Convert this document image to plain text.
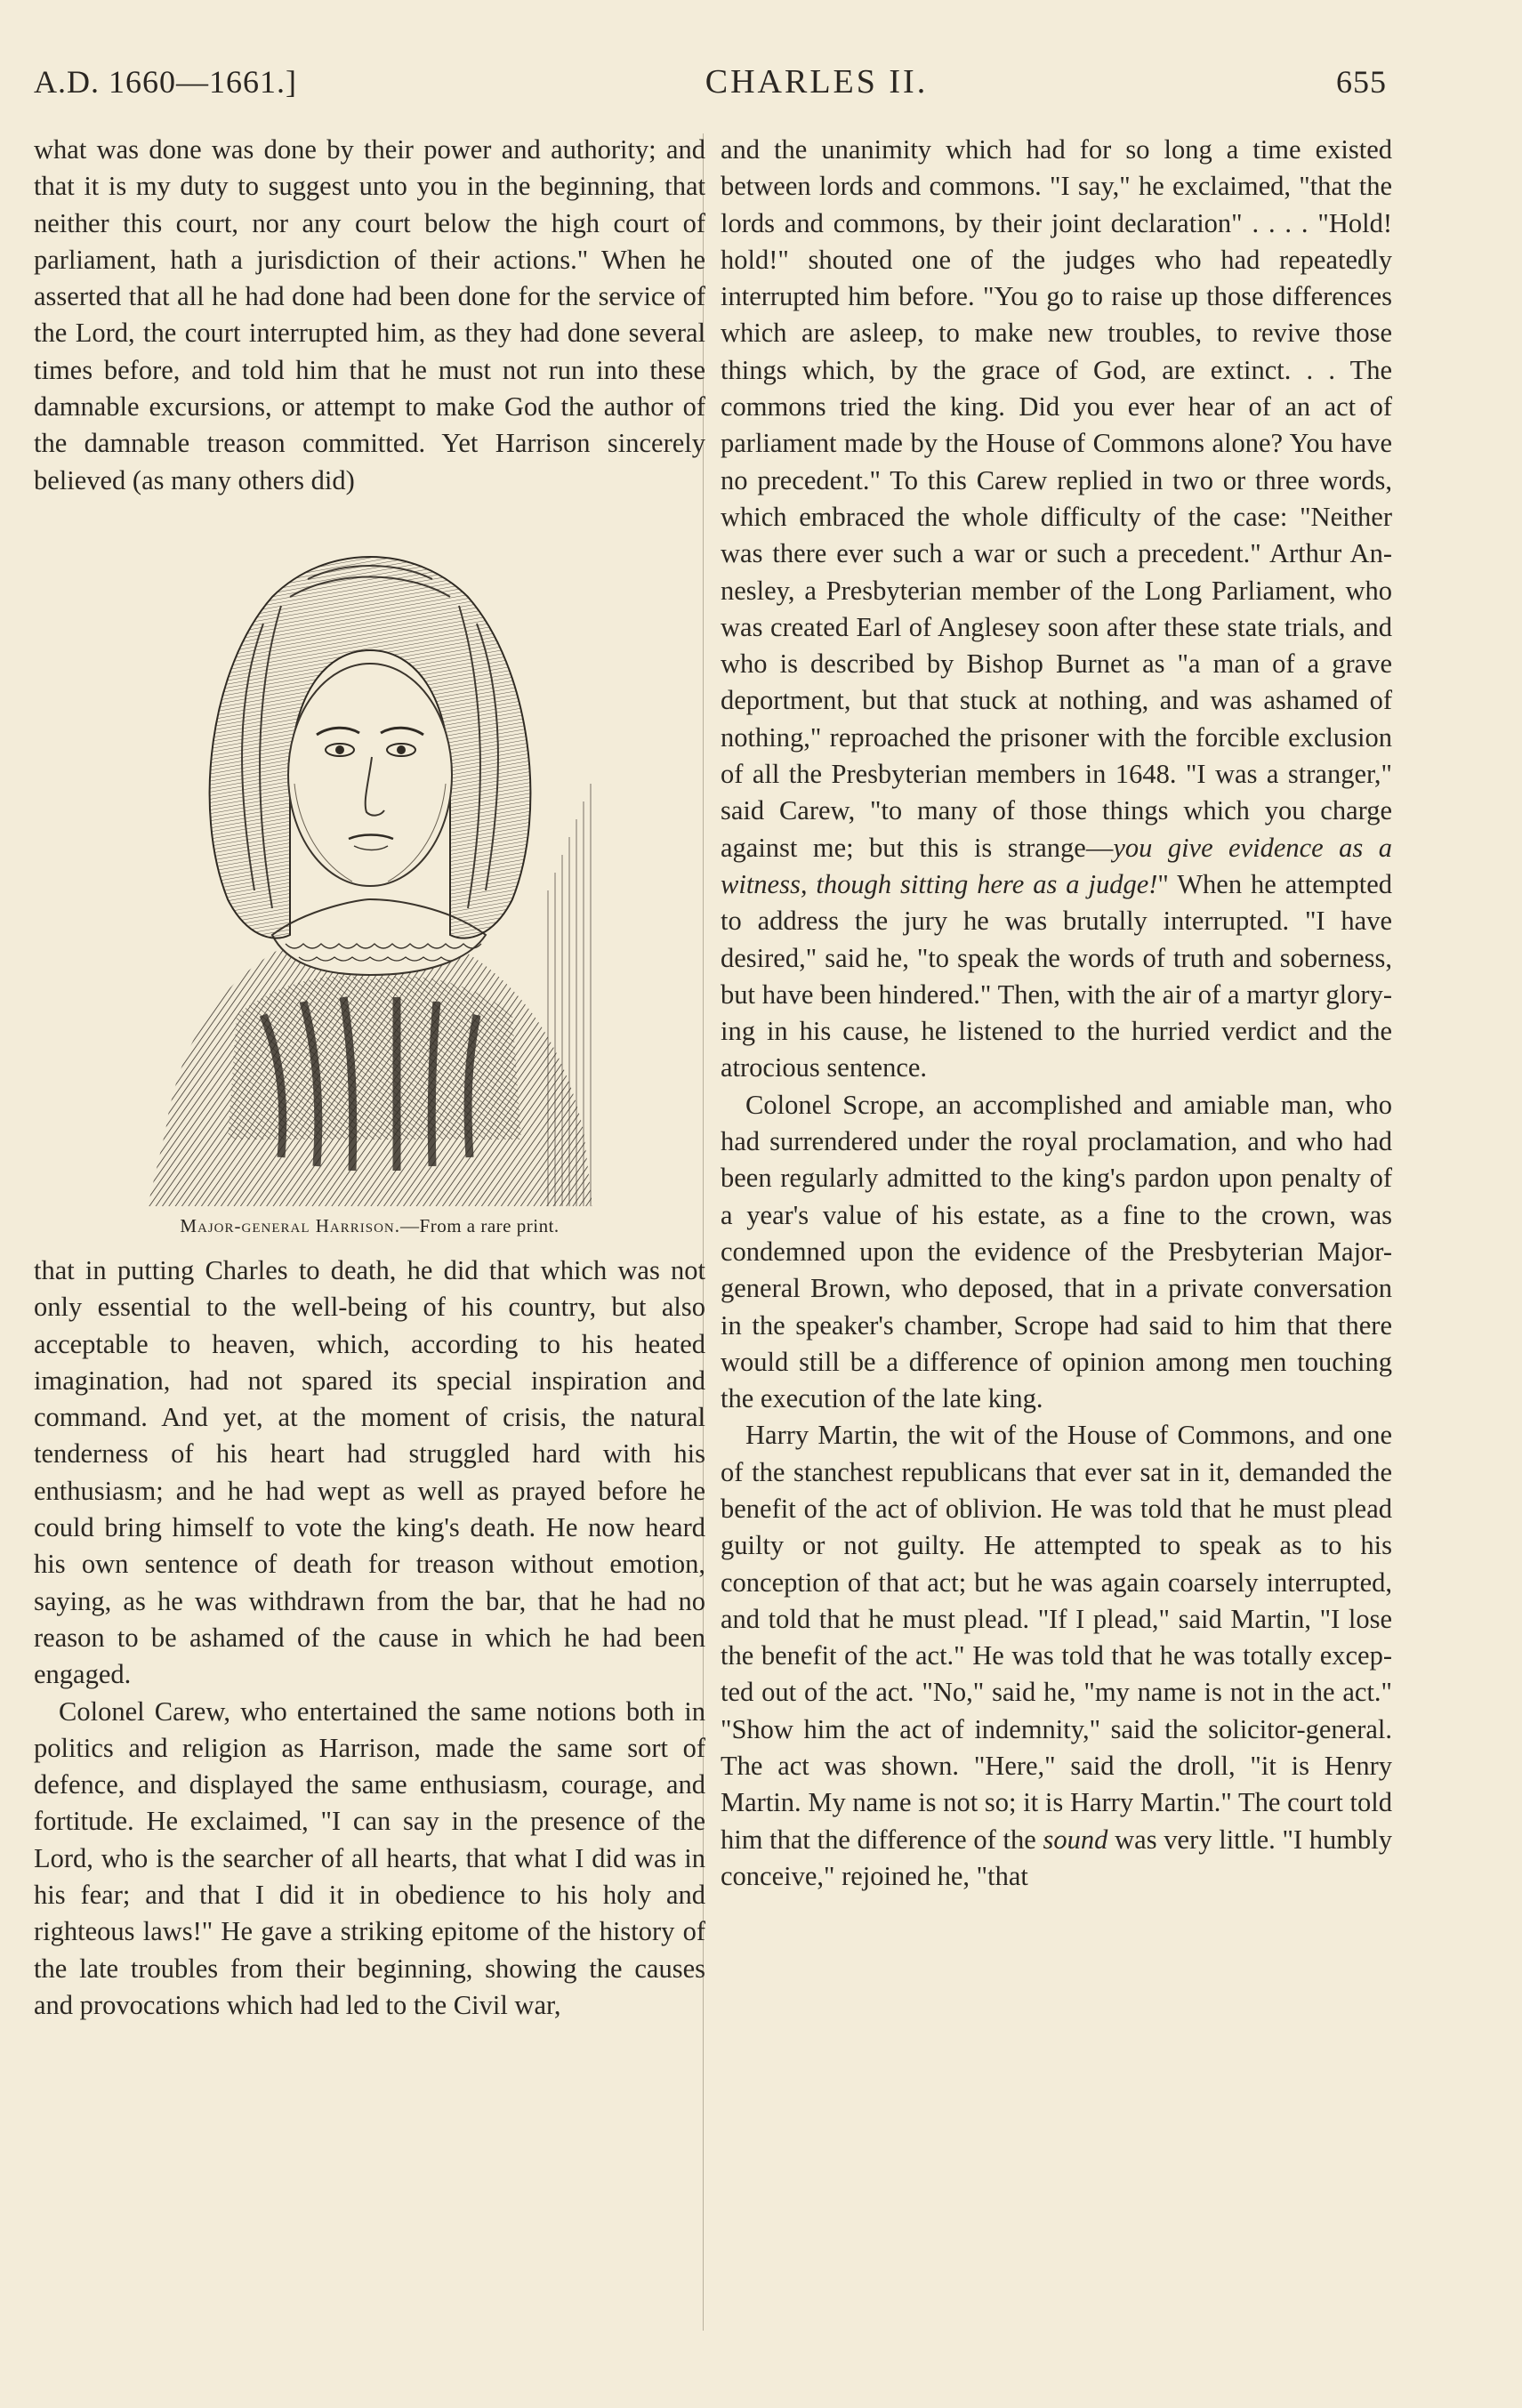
A.D. 1660—1661.]	CHARLES II.	655

what was done was done by their power and authority; and that it is my duty to suggest unto you in the beginning, that neither this court, nor any court below the high court of parliament, hath a jurisdiction of their actions." When he asserted that all he had done had been done for the service of the Lord, the court interrupted him, as they had done several times before, and told him that he must not run into these damnable excursions, or attempt to make God the author of the damnable treason committed. Yet Harrison sincerely believed (as many others did)

Major-general Harrison.—From a rare print.

that in putting Charles to death, he did that which was not only essential to the well-being of his country, but also acceptable to heaven, which, according to his heated imagination, had not spared its special inspiration and command. And yet, at the moment of crisis, the natural tenderness of his heart had struggled hard with his enthusiasm; and he had wept as well as prayed before he could bring himself to vote the king's death. He now heard his own sentence of death for treason without emotion, saying, as he was withdrawn from the bar, that he had no reason to be ashamed of the cause in which he had been engaged.

Colonel Carew, who entertained the same notions both in politics and religion as Harrison, made the same sort of defence, and displayed the same enthusiasm, courage, and fortitude. He exclaimed, "I can say in the presence of the Lord, who is the searcher of all hearts, that what I did was in his fear; and that I did it in obedience to his holy and righteous laws!" He gave a striking epitome of the history of the late troubles from their beginning, showing the causes and provocations which had led to the Civil war,

and the unanimity which had for so long a time existed between lords and commons. "I say," he exclaimed, "that the lords and commons, by their joint declaration" . . . . "Hold! hold!" shouted one of the judges who had repeatedly interrupted him before. "You go to raise up those differences which are asleep, to make new troubles, to revive those things which, by the grace of God, are extinct. . . The commons tried the king. Did you ever hear of an act of parliament made by the House of Commons alone? You have no precedent." To this Carew replied in two or three words, which embraced the whole difficulty of the case: "Neither was there ever such a war or such a precedent." Arthur Annesley, a Presbyterian member of the Long Parliament, who was created Earl of Anglesey soon after these state trials, and who is described by Bishop Burnet as "a man of a grave deportment, but that stuck at nothing, and was ashamed of nothing," reproached the prisoner with the forcible exclusion of all the Presbyterian members in 1648. "I was a stranger," said Carew, "to many of those things which you charge against me; but this is strange—you give evidence as a witness, though sitting here as a judge!" When he attempted to address the jury he was brutally interrupted. "I have desired," said he, "to speak the words of truth and soberness, but have been hindered." Then, with the air of a martyr glorying in his cause, he listened to the hurried verdict and the atrocious sentence.

Colonel Scrope, an accomplished and amiable man, who had surrendered under the royal proclamation, and who had been regularly admitted to the king's pardon upon penalty of a year's value of his estate, as a fine to the crown, was condemned upon the evidence of the Presbyterian Major-general Brown, who deposed, that in a private conversation in the speaker's chamber, Scrope had said to him that there would still be a difference of opinion among men touching the execution of the late king.

Harry Martin, the wit of the House of Commons, and one of the stanchest republicans that ever sat in it, demanded the benefit of the act of oblivion. He was told that he must plead guilty or not guilty. He attempted to speak as to his conception of that act; but he was again coarsely interrupted, and told that he must plead. "If I plead," said Martin, "I lose the benefit of the act." He was told that he was totally excepted out of the act. "No," said he, "my name is not in the act." "Show him the act of indemnity," said the solicitor-general. The act was shown. "Here," said the droll, "it is Henry Martin. My name is not so; it is Harry Martin." The court told him that the difference of the sound was very little. "I humbly conceive," rejoined he, "that
